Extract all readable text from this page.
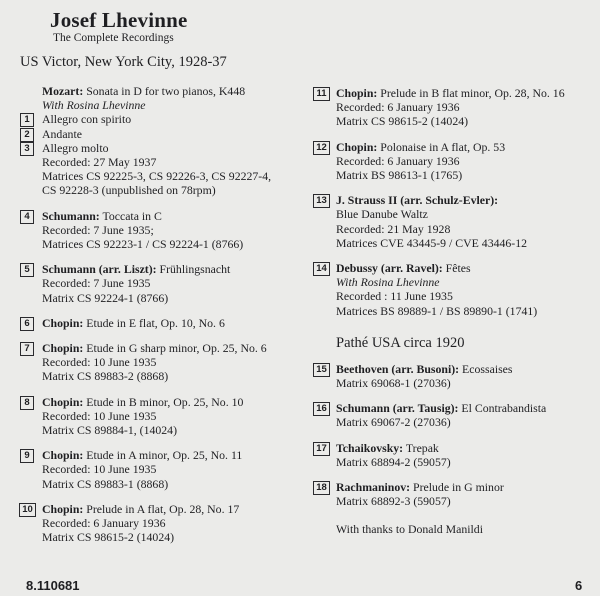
Josef Lhevinne
The Complete Recordings
US Victor, New York City, 1928-37
Mozart: Sonata in D for two pianos, K448
With Rosina Lhevinne
1	Allegro con spirito
2	Andante
3	Allegro molto
Recorded: 27 May 1937
Matrices CS 92225-3, CS 92226-3, CS 92227-4,
CS 92228-3 (unpublished on 78rpm)
4	Schumann: Toccata in C
Recorded: 7 June 1935;
Matrices CS 92223-1 / CS 92224-1 (8766)
5	Schumann (arr. Liszt): Frühlingsnacht
Recorded: 7 June 1935
Matrix CS 92224-1 (8766)
6	Chopin: Etude in E flat, Op. 10, No. 6
7	Chopin: Etude in G sharp minor, Op. 25, No. 6
Recorded: 10 June 1935
Matrix CS 89883-2 (8868)
8	Chopin: Etude in B minor, Op. 25, No. 10
Recorded: 10 June 1935
Matrix CS 89884-1, (14024)
9	Chopin: Etude in A minor, Op. 25, No. 11
Recorded: 10 June 1935
Matrix CS 89883-1 (8868)
10 Chopin: Prelude in A flat, Op. 28, No. 17
Recorded: 6 January 1936
Matrix CS 98615-2 (14024)
11 Chopin: Prelude in B flat minor, Op. 28, No. 16
Recorded: 6 January 1936
Matrix CS 98615-2 (14024)
12 Chopin: Polonaise in A flat, Op. 53
Recorded: 6 January 1936
Matrix BS 98613-1 (1765)
13 J. Strauss II (arr. Schulz-Evler):
Blue Danube Waltz
Recorded: 21 May 1928
Matrices CVE 43445-9 / CVE 43446-12
14 Debussy (arr. Ravel): Fêtes
With Rosina Lhevinne
Recorded : 11 June 1935
Matrices BS 89889-1 / BS 89890-1 (1741)
Pathé USA circa 1920
15 Beethoven (arr. Busoni): Ecossaises
Matrix 69068-1 (27036)
16 Schumann (arr. Tausig): El Contrabandista
Matrix 69067-2 (27036)
17 Tchaikovsky: Trepak
Matrix 68894-2 (59057)
18 Rachmaninov: Prelude in G minor
Matrix 68892-3 (59057)
With thanks to Donald Manildi
8.110681	6
